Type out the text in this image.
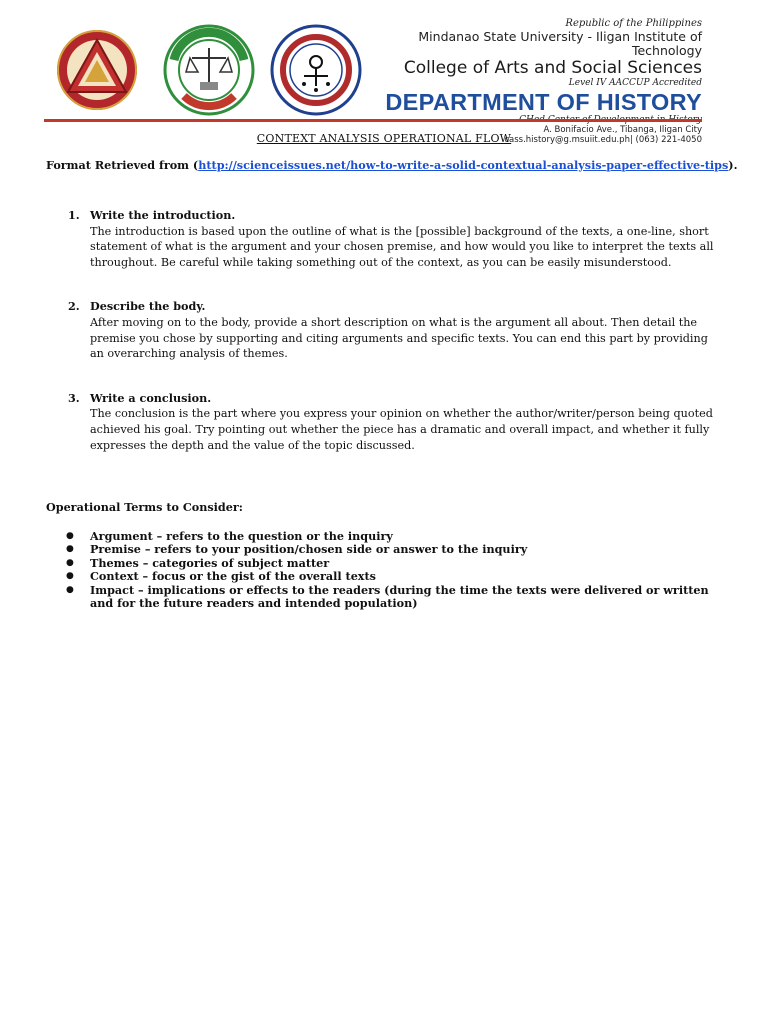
Republic of the Philippines
Mindanao State University - Iligan Institute of Technology
College of Arts and Social Sciences
Level IV AACCUP Accredited
DEPARTMENT OF HISTORY
A. Bonifacio Ave., Tibanga, Iligan City
cass.history@g.msuiit.edu.ph| (063) 221-4050
CONTEXT ANALYSIS OPERATIONAL FLOW
Format Retrieved from (http://scienceissues.net/how-to-write-a-solid-contextual-analysis-paper-effective-tips).
1. Write the introduction.
The introduction is based upon the outline of what is the [possible] background of the texts, a one-line, short statement of what is the argument and your chosen premise, and how would you like to interpret the texts all throughout. Be careful while taking something out of the context, as you can be easily misunderstood.
2. Describe the body.
After moving on to the body, provide a short description on what is the argument all about. Then detail the premise you chose by supporting and citing arguments and specific texts. You can end this part by providing an overarching analysis of themes.
3. Write a conclusion.
The conclusion is the part where you express your opinion on whether the author/writer/person being quoted achieved his goal. Try pointing out whether the piece has a dramatic and overall impact, and whether it fully expresses the depth and the value of the topic discussed.
Operational Terms to Consider:
● Argument – refers to the question or the inquiry
● Premise – refers to your position/chosen side or answer to the inquiry
● Themes – categories of subject matter
● Context – focus or the gist of the overall texts
● Impact – implications or effects to the readers (during the time the texts were delivered or written and for the future readers and intended population)
